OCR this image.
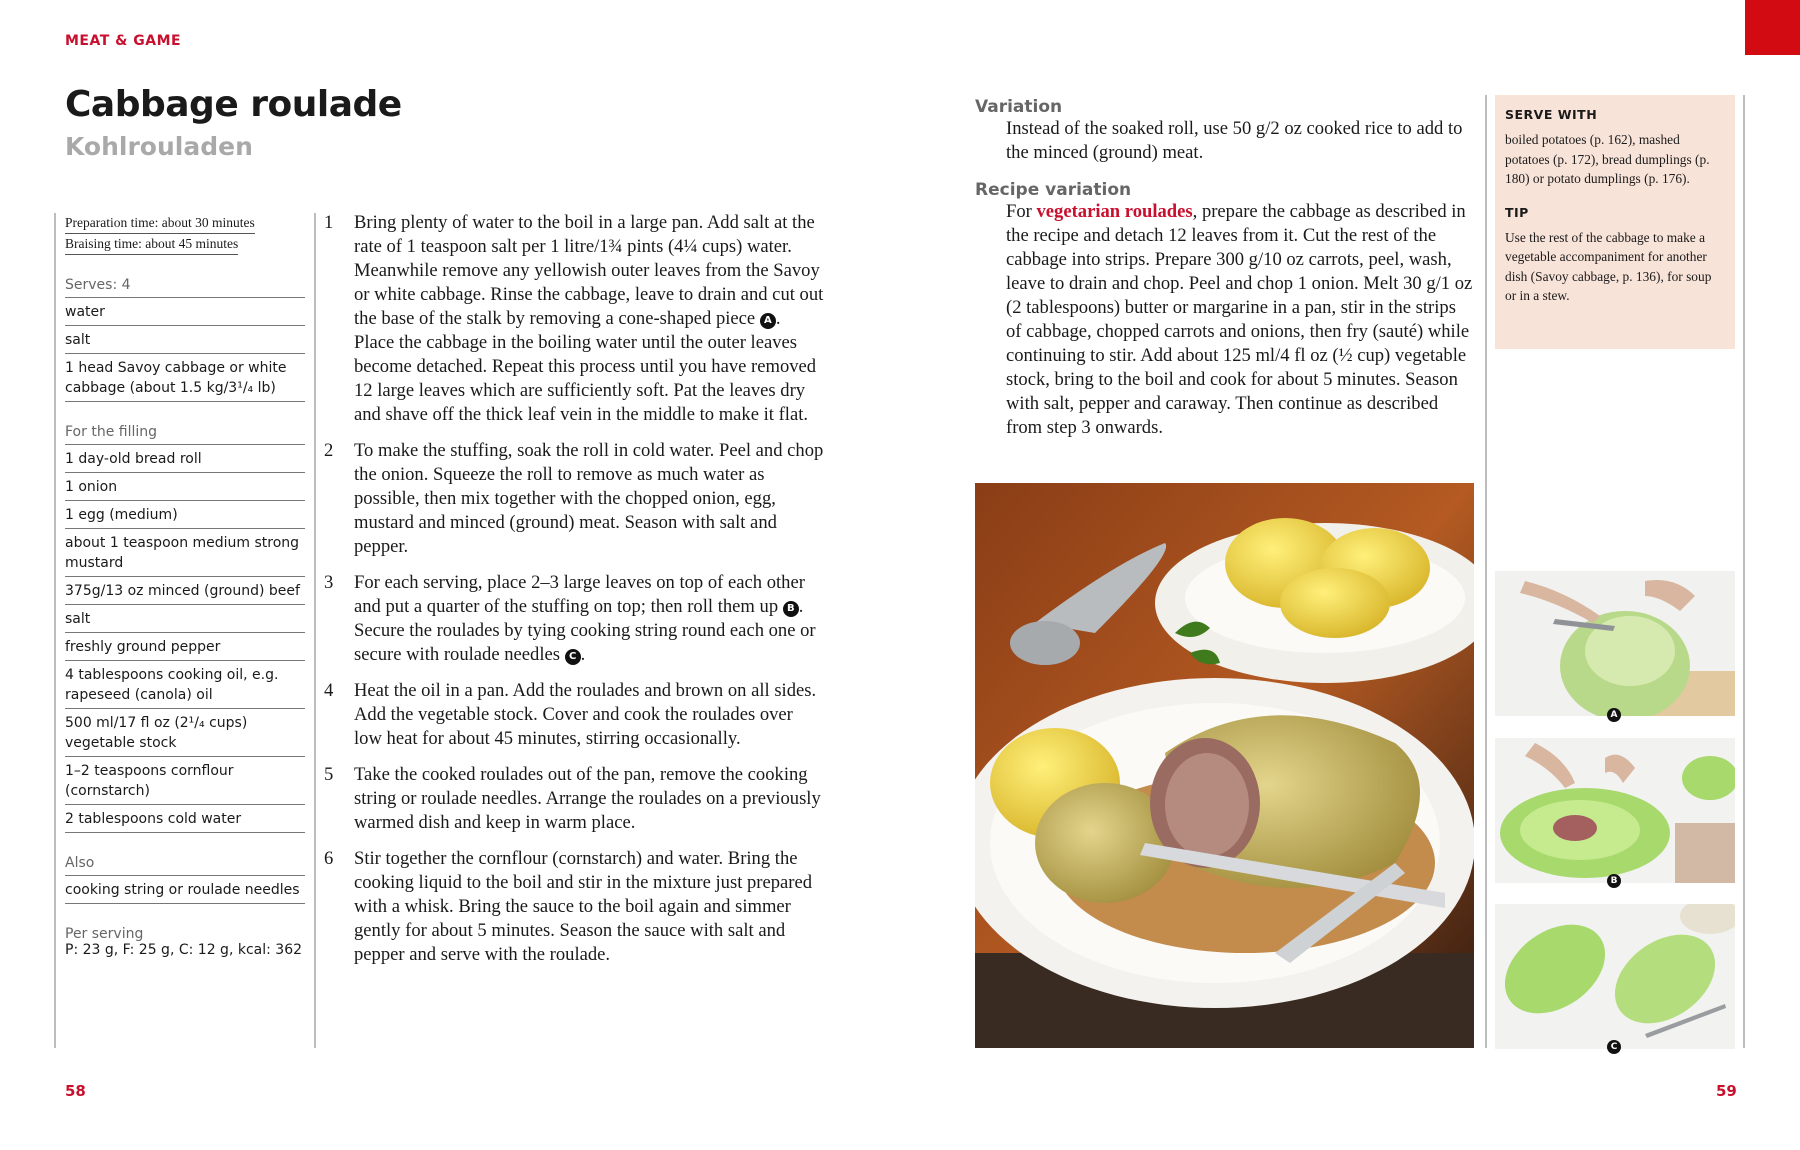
MEAT & GAME
Cabbage roulade
Kohlrouladen
Preparation time: about 30 minutes
Braising time: about 45 minutes
Serves: 4
water
salt
1 head Savoy cabbage or white cabbage (about 1.5 kg/3¹/₄ lb)
For the filling
1 day-old bread roll
1 onion
1 egg (medium)
about 1 teaspoon medium strong mustard
375g/13 oz minced (ground) beef
salt
freshly ground pepper
4 tablespoons cooking oil, e.g. rapeseed (canola) oil
500 ml/17 fl oz (2¹/₄ cups) vegetable stock
1–2 teaspoons cornflour (cornstarch)
2 tablespoons cold water
Also
cooking string or roulade needles
Per serving
P: 23 g, F: 25 g, C: 12 g, kcal: 362
1	Bring plenty of water to the boil in a large pan. Add salt at the rate of 1 teaspoon salt per 1 litre/1¾ pints (4¼ cups) water. Meanwhile remove any yellowish outer leaves from the Savoy or white cabbage. Rinse the cabbage, leave to drain and cut out the base of the stalk by removing a cone-shaped piece A . Place the cabbage in the boiling water until the outer leaves become detached. Repeat this process until you have removed 12 large leaves which are sufficiently soft. Pat the leaves dry and shave off the thick leaf vein in the middle to make it flat.
2	To make the stuffing, soak the roll in cold water. Peel and chop the onion. Squeeze the roll to remove as much water as possible, then mix together with the chopped onion, egg, mustard and minced (ground) meat. Season with salt and pepper.
3	For each serving, place 2–3 large leaves on top of each other and put a quarter of the stuffing on top; then roll them up B . Secure the roulades by tying cooking string round each one or secure with roulade needles C .
4	Heat the oil in a pan. Add the roulades and brown on all sides. Add the vegetable stock. Cover and cook the roulades over low heat for about 45 minutes, stirring occasionally.
5	Take the cooked roulades out of the pan, remove the cooking string or roulade needles. Arrange the roulades on a previously warmed dish and keep in warm place.
6	Stir together the cornflour (cornstarch) and water. Bring the cooking liquid to the boil and stir in the mixture just prepared with a whisk. Bring the sauce to the boil again and simmer gently for about 5 minutes. Season the sauce with salt and pepper and serve with the roulade.
Variation
Instead of the soaked roll, use 50 g/2 oz cooked rice to add to the minced (ground) meat.
Recipe variation
For vegetarian roulades, prepare the cabbage as described in the recipe and detach 12 leaves from it. Cut the rest of the cabbage into strips. Prepare 300 g/10 oz carrots, peel, wash, leave to drain and chop. Peel and chop 1 onion. Melt 30 g/1 oz (2 tablespoons) butter or margarine in a pan, stir in the strips of cabbage, chopped carrots and onions, then fry (sauté) while continuing to stir. Add about 125 ml/4 fl oz (½ cup) vegetable stock, bring to the boil and cook for about 5 minutes. Season with salt, pepper and caraway. Then continue as described from step 3 onwards.
SERVE WITH
boiled potatoes (p. 162), mashed potatoes (p. 172), bread dumplings (p. 180) or potato dumplings (p. 176).
TIP
Use the rest of the cabbage to make a vegetable accompaniment for another dish (Savoy cabbage, p. 136), for soup or in a stew.
A
B
C
58	59
